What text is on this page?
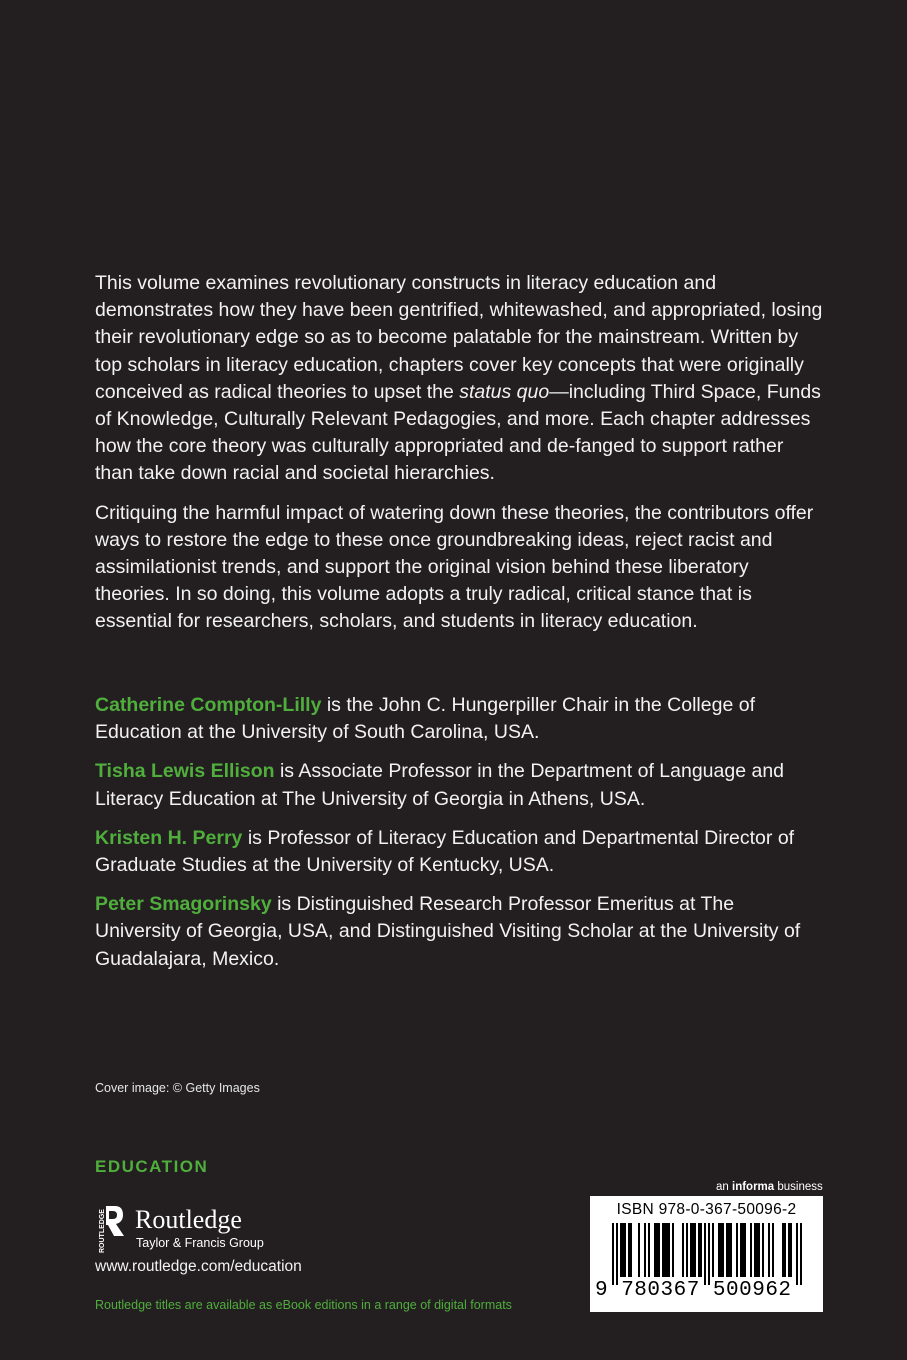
This volume examines revolutionary constructs in literacy education and demonstrates how they have been gentrified, whitewashed, and appropriated, losing their revolutionary edge so as to become palatable for the mainstream. Written by top scholars in literacy education, chapters cover key concepts that were originally conceived as radical theories to upset the status quo—including Third Space, Funds of Knowledge, Culturally Relevant Pedagogies, and more. Each chapter addresses how the core theory was culturally appropriated and de-fanged to support rather than take down racial and societal hierarchies.

Critiquing the harmful impact of watering down these theories, the contributors offer ways to restore the edge to these once groundbreaking ideas, reject racist and assimilationist trends, and support the original vision behind these liberatory theories. In so doing, this volume adopts a truly radical, critical stance that is essential for researchers, scholars, and students in literacy education.

Catherine Compton-Lilly is the John C. Hungerpiller Chair in the College of Education at the University of South Carolina, USA.

Tisha Lewis Ellison is Associate Professor in the Department of Language and Literacy Education at The University of Georgia in Athens, USA.

Kristen H. Perry is Professor of Literacy Education and Departmental Director of Graduate Studies at the University of Kentucky, USA.

Peter Smagorinsky is Distinguished Research Professor Emeritus at The University of Georgia, USA, and Distinguished Visiting Scholar at the University of Guadalajara, Mexico.

Cover image: © Getty Images
EDUCATION
ROUTLEDGE Routledge
Taylor & Francis Group
www.routledge.com/education
Routledge titles are available as eBook editions in a range of digital formats
an informa business
ISBN 978-0-367-50096-2
9 780367 500962
